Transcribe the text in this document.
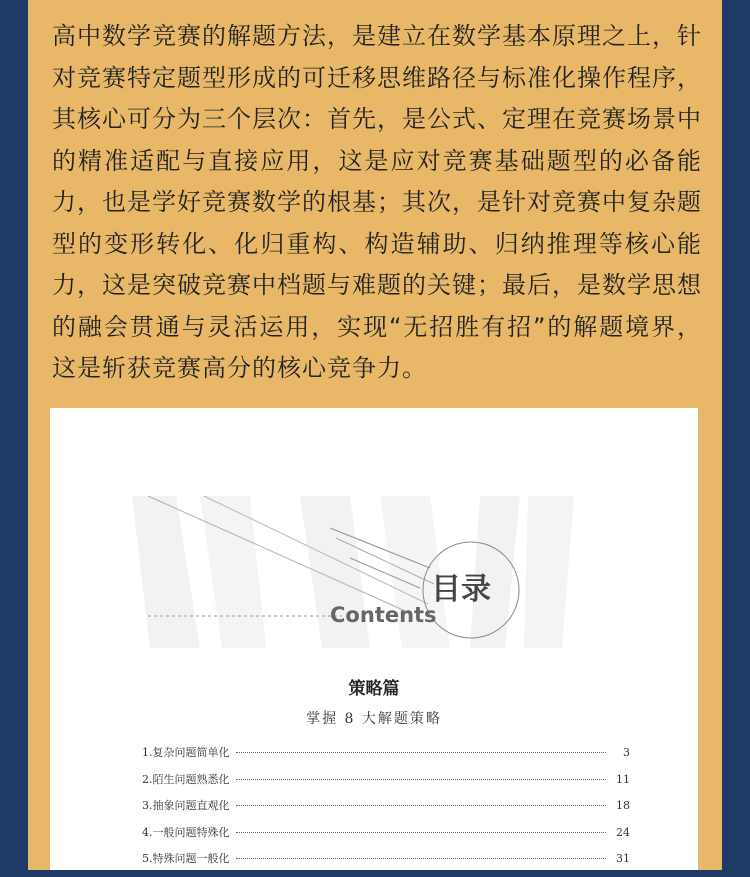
高中数学竞赛的解题方法，是建立在数学基本原理之上，针对竞赛特定题型形成的可迁移思维路径与标准化操作程序，其核心可分为三个层次：首先，是公式、定理在竞赛场景中的精准适配与直接应用，这是应对竞赛基础题型的必备能力，也是学好竞赛数学的根基；其次，是针对竞赛中复杂题型的变形转化、化归重构、构造辅助、归纳推理等核心能力，这是突破竞赛中档题与难题的关键；最后，是数学思想的融会贯通与灵活运用，实现“无招胜有招”的解题境界，这是斩获竞赛高分的核心竞争力。

目录
Contents
策略篇
掌握 8 大解题策略
1.复杂问题简单化	3
2.陌生问题熟悉化	11
3.抽象问题直观化	18
4.一般问题特殊化	24
5.特殊问题一般化	31
